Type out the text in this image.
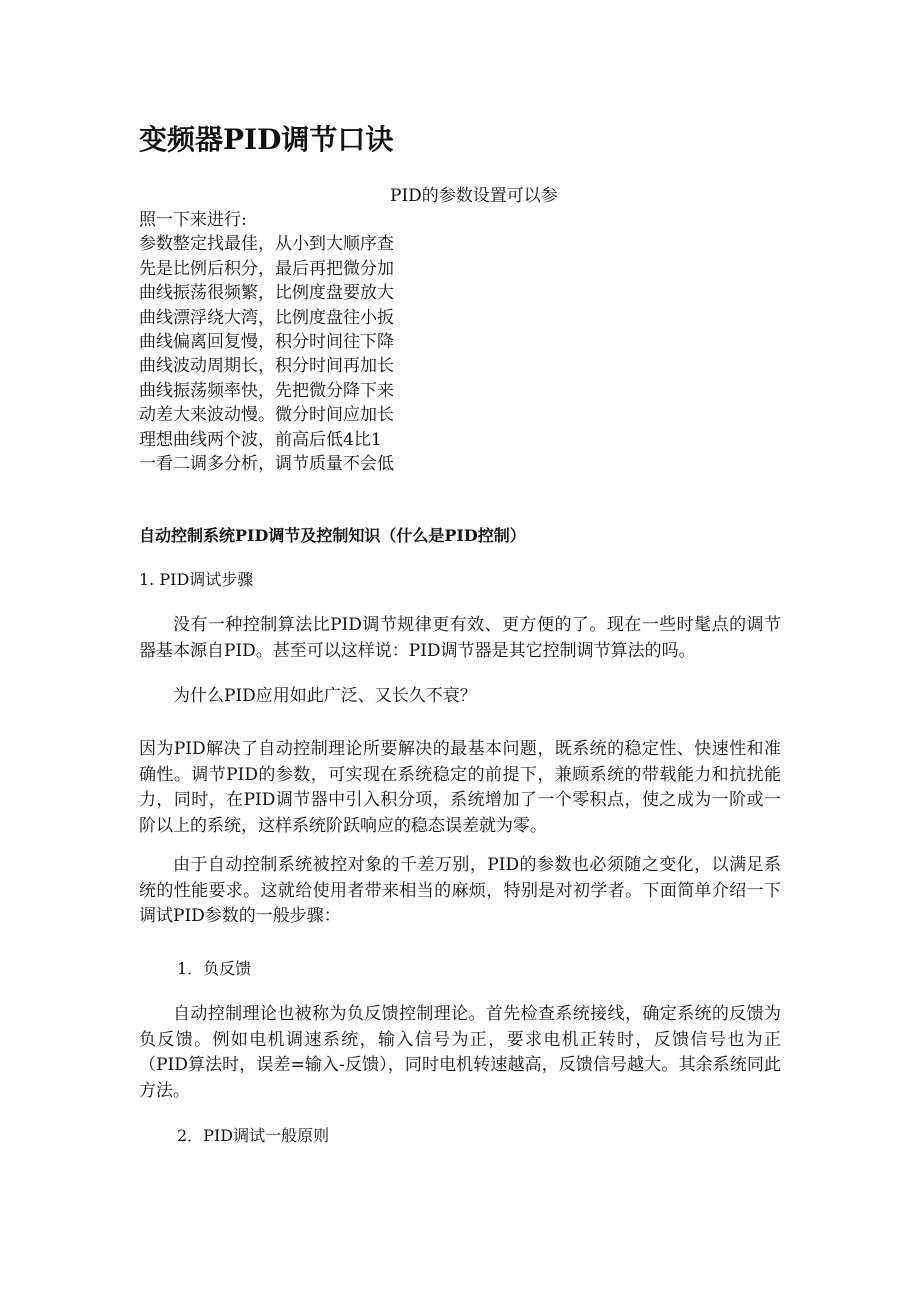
变频器PID调节口诀
PID的参数设置可以参
照一下来进行:
参数整定找最佳，从小到大顺序查
先是比例后积分，最后再把微分加
曲线振荡很频繁，比例度盘要放大
曲线漂浮绕大湾，比例度盘往小扳
曲线偏离回复慢，积分时间往下降
曲线波动周期长，积分时间再加长
曲线振荡频率快，先把微分降下来
动差大来波动慢。微分时间应加长
理想曲线两个波，前高后低4比1
一看二调多分析，调节质量不会低
自动控制系统PID调节及控制知识（什么是PID控制）
1. PID调试步骤
没有一种控制算法比PID调节规律更有效、更方便的了。现在一些时髦点的调节器基本源自PID。甚至可以这样说：PID调节器是其它控制调节算法的吗。
为什么PID应用如此广泛、又长久不衰？
因为PID解决了自动控制理论所要解决的最基本问题，既系统的稳定性、快速性和准确性。调节PID的参数，可实现在系统稳定的前提下，兼顾系统的带载能力和抗扰能力，同时，在PID调节器中引入积分项，系统增加了一个零积点，使之成为一阶或一阶以上的系统，这样系统阶跃响应的稳态误差就为零。
由于自动控制系统被控对象的千差万别，PID的参数也必须随之变化，以满足系统的性能要求。这就给使用者带来相当的麻烦，特别是对初学者。下面简单介绍一下调试PID参数的一般步骤：
1．负反馈
自动控制理论也被称为负反馈控制理论。首先检查系统接线，确定系统的反馈为负反馈。例如电机调速系统，输入信号为正，要求电机正转时，反馈信号也为正（PID算法时，误差=输入-反馈），同时电机转速越高，反馈信号越大。其余系统同此方法。
2．PID调试一般原则
